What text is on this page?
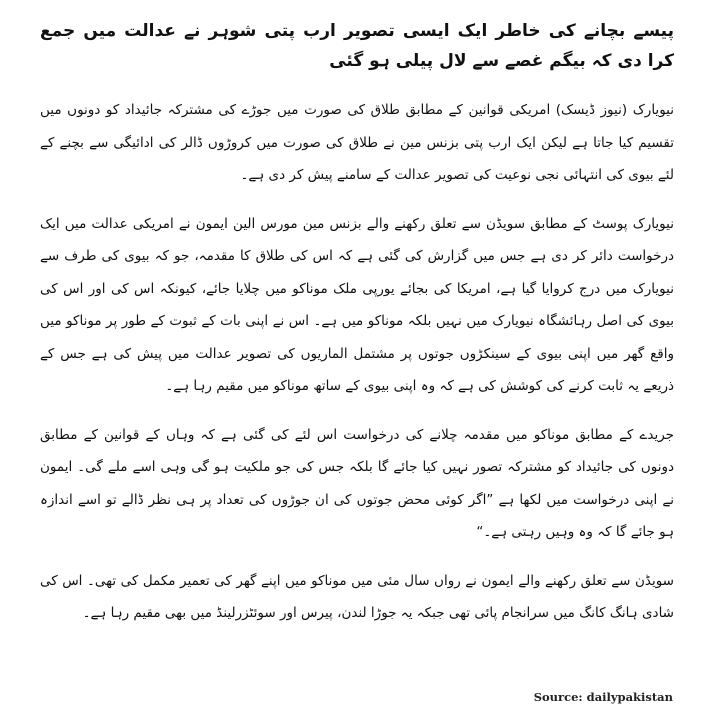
پیسے بچانے کی خاطر ایک ایسی تصویر ارب پتی شوہر نے عدالت میں جمع کرا دی کہ بیگم غصے سے لال پیلی ہو گئی

نیویارک (نیوز ڈیسک) امریکی قوانین کے مطابق طلاق کی صورت میں جوڑے کی مشترکہ جائیداد کو دونوں میں تقسیم کیا جاتا ہے لیکن ایک ارب پتی بزنس مین نے طلاق کی صورت میں کروڑوں ڈالر کی ادائیگی سے بچنے کے لئے بیوی کی انتہائی نجی نوعیت کی تصویر عدالت کے سامنے پیش کر دی ہے۔

نیویارک پوسٹ کے مطابق سویڈن سے تعلق رکھنے والے بزنس مین مورس الین ایمون نے امریکی عدالت میں ایک درخواست دائر کر دی ہے جس میں گزارش کی گئی ہے کہ اس کی طلاق کا مقدمہ، جو کہ بیوی کی طرف سے نیویارک میں درج کروایا گیا ہے، امریکا کی بجائے یورپی ملک موناکو میں چلایا جائے، کیونکہ اس کی اور اس کی بیوی کی اصل رہائشگاہ نیویارک میں نہیں بلکہ موناکو میں ہے۔ اس نے اپنی بات کے ثبوت کے طور پر موناکو میں واقع گھر میں اپنی بیوی کے سینکڑوں جوتوں پر مشتمل الماریوں کی تصویر عدالت میں پیش کی ہے جس کے ذریعے یہ ثابت کرنے کی کوشش کی ہے کہ وہ اپنی بیوی کے ساتھ موناکو میں مقیم رہا ہے۔

جریدے کے مطابق موناکو میں مقدمہ چلانے کی درخواست اس لئے کی گئی ہے کہ وہاں کے قوانین کے مطابق دونوں کی جائیداد کو مشترکہ تصور نہیں کیا جائے گا بلکہ جس کی جو ملکیت ہو گی وہی اسے ملے گی۔ ایمون نے اپنی درخواست میں لکھا ہے ”اگر کوئی محض جوتوں کی ان جوڑوں کی تعداد پر ہی نظر ڈالے تو اسے اندازہ ہو جائے گا کہ وہ وہیں رہتی ہے۔“

سویڈن سے تعلق رکھنے والے ایمون نے رواں سال مئی میں موناکو میں اپنے گھر کی تعمیر مکمل کی تھی۔ اس کی شادی ہانگ کانگ میں سرانجام پائی تھی جبکہ یہ جوڑا لندن، پیرس اور سوئٹزرلینڈ میں بھی مقیم رہا ہے۔

Source: dailypakistan
